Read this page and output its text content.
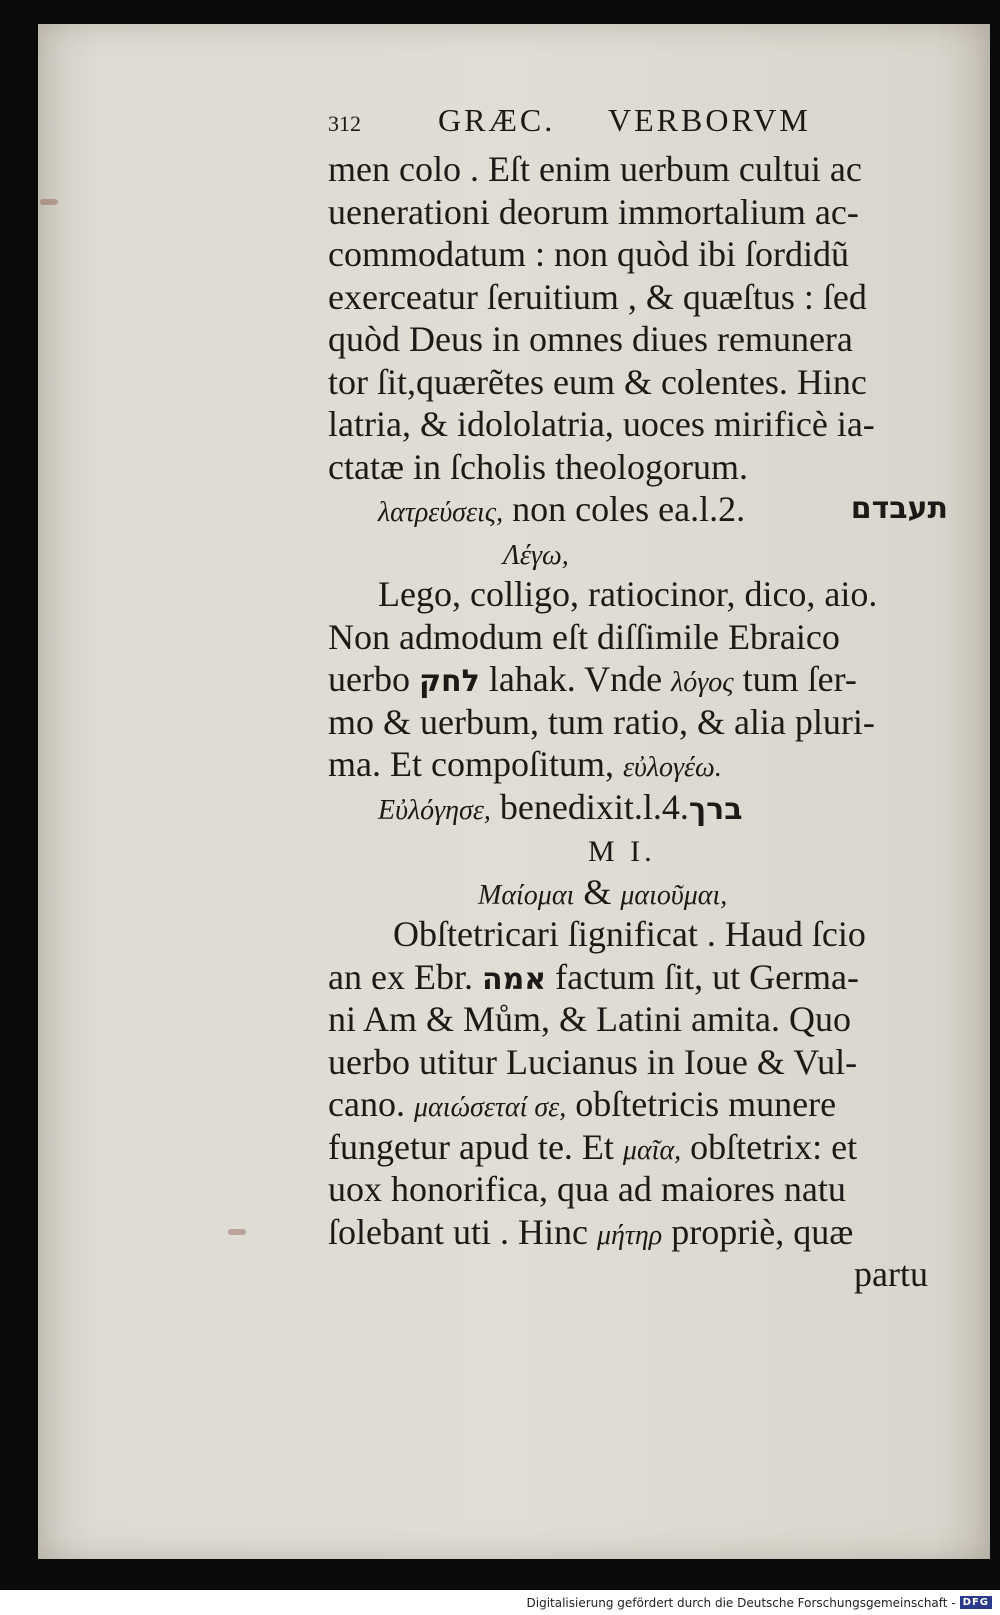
312	GRÆC.	VERBORVM
men colo . Eſt enim uerbum cultui ac
uenerationi deorum immortalium ac-
commodatum : non quòd ibi ſordidũ
exerceatur ſeruitium , & quæſtus : ſed
quòd Deus in omnes diues remunera
tor ſit,quærẽtes eum & colentes. Hinc
latria, & idololatria, uoces mirificè ia-
ctatæ in ſcholis theologorum.
λατρεύσεις, non coles ea.l.2.	תעבדם
Λέγω,
Lego, colligo, ratiocinor, dico, aio.
Non admodum eſt diſſimile Ebraico
uerbo לחק lahak. Vnde λόγος tum ſer-
mo & uerbum, tum ratio, & alia pluri-
ma. Et compoſitum, εὐλογέω.
Εὐλόγησε, benedixit.l.4.ברך
M I.
Μαίομαι & μαιοῦμαι,
Obſtetricari ſignificat . Haud ſcio
an ex Ebr. אמה factum ſit, ut Germa-
ni Am & Mům, & Latini amita. Quo
uerbo utitur Lucianus in Ioue & Vul-
cano. μαιώσεταί σε, obſtetricis munere
fungetur apud te. Et μαῖα, obſtetrix: et
uox honorifica, qua ad maiores natu
ſolebant uti . Hinc μήτηρ propriè, quæ
partu
Digitalisierung gefördert durch die Deutsche Forschungsgemeinschaft - DFG
